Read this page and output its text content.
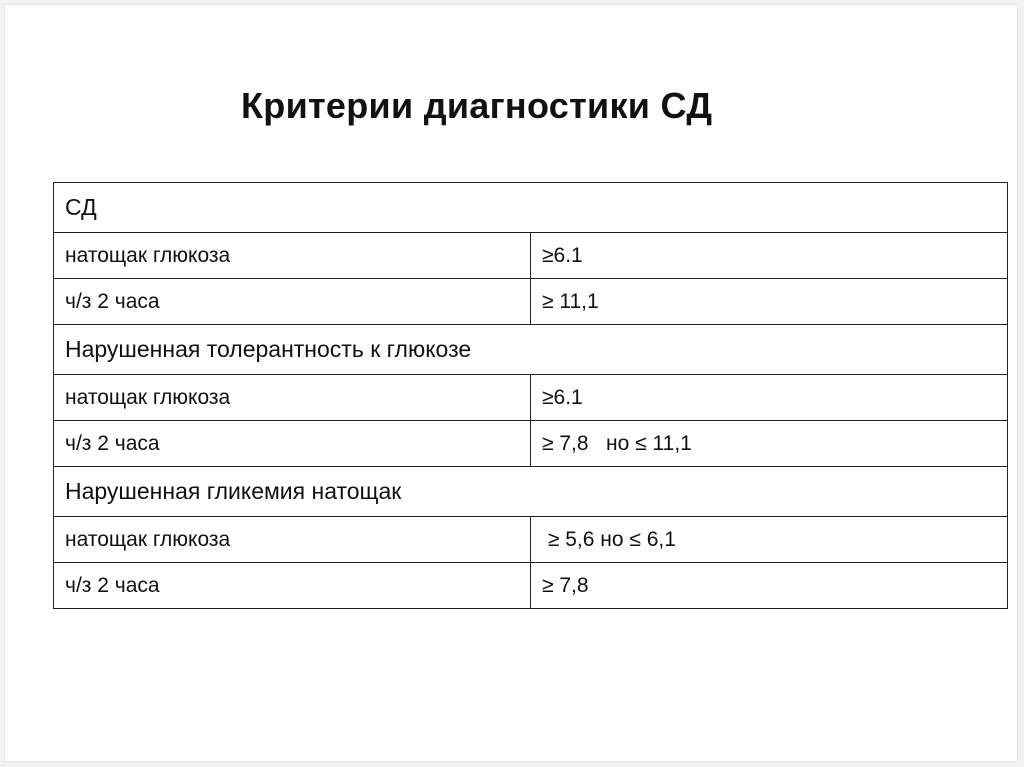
Критерии диагностики СД
СД	
натощак глюкоза	≥6.1
ч/з 2 часа	≥ 11,1
Нарушенная толерантность к глюкозе	
натощак глюкоза	≥6.1
ч/з 2 часа	≥ 7,8   но ≤ 11,1
Нарушенная гликемия натощак	
натощак глюкоза	≥ 5,6 но ≤ 6,1
ч/з 2 часа	≥ 7,8
